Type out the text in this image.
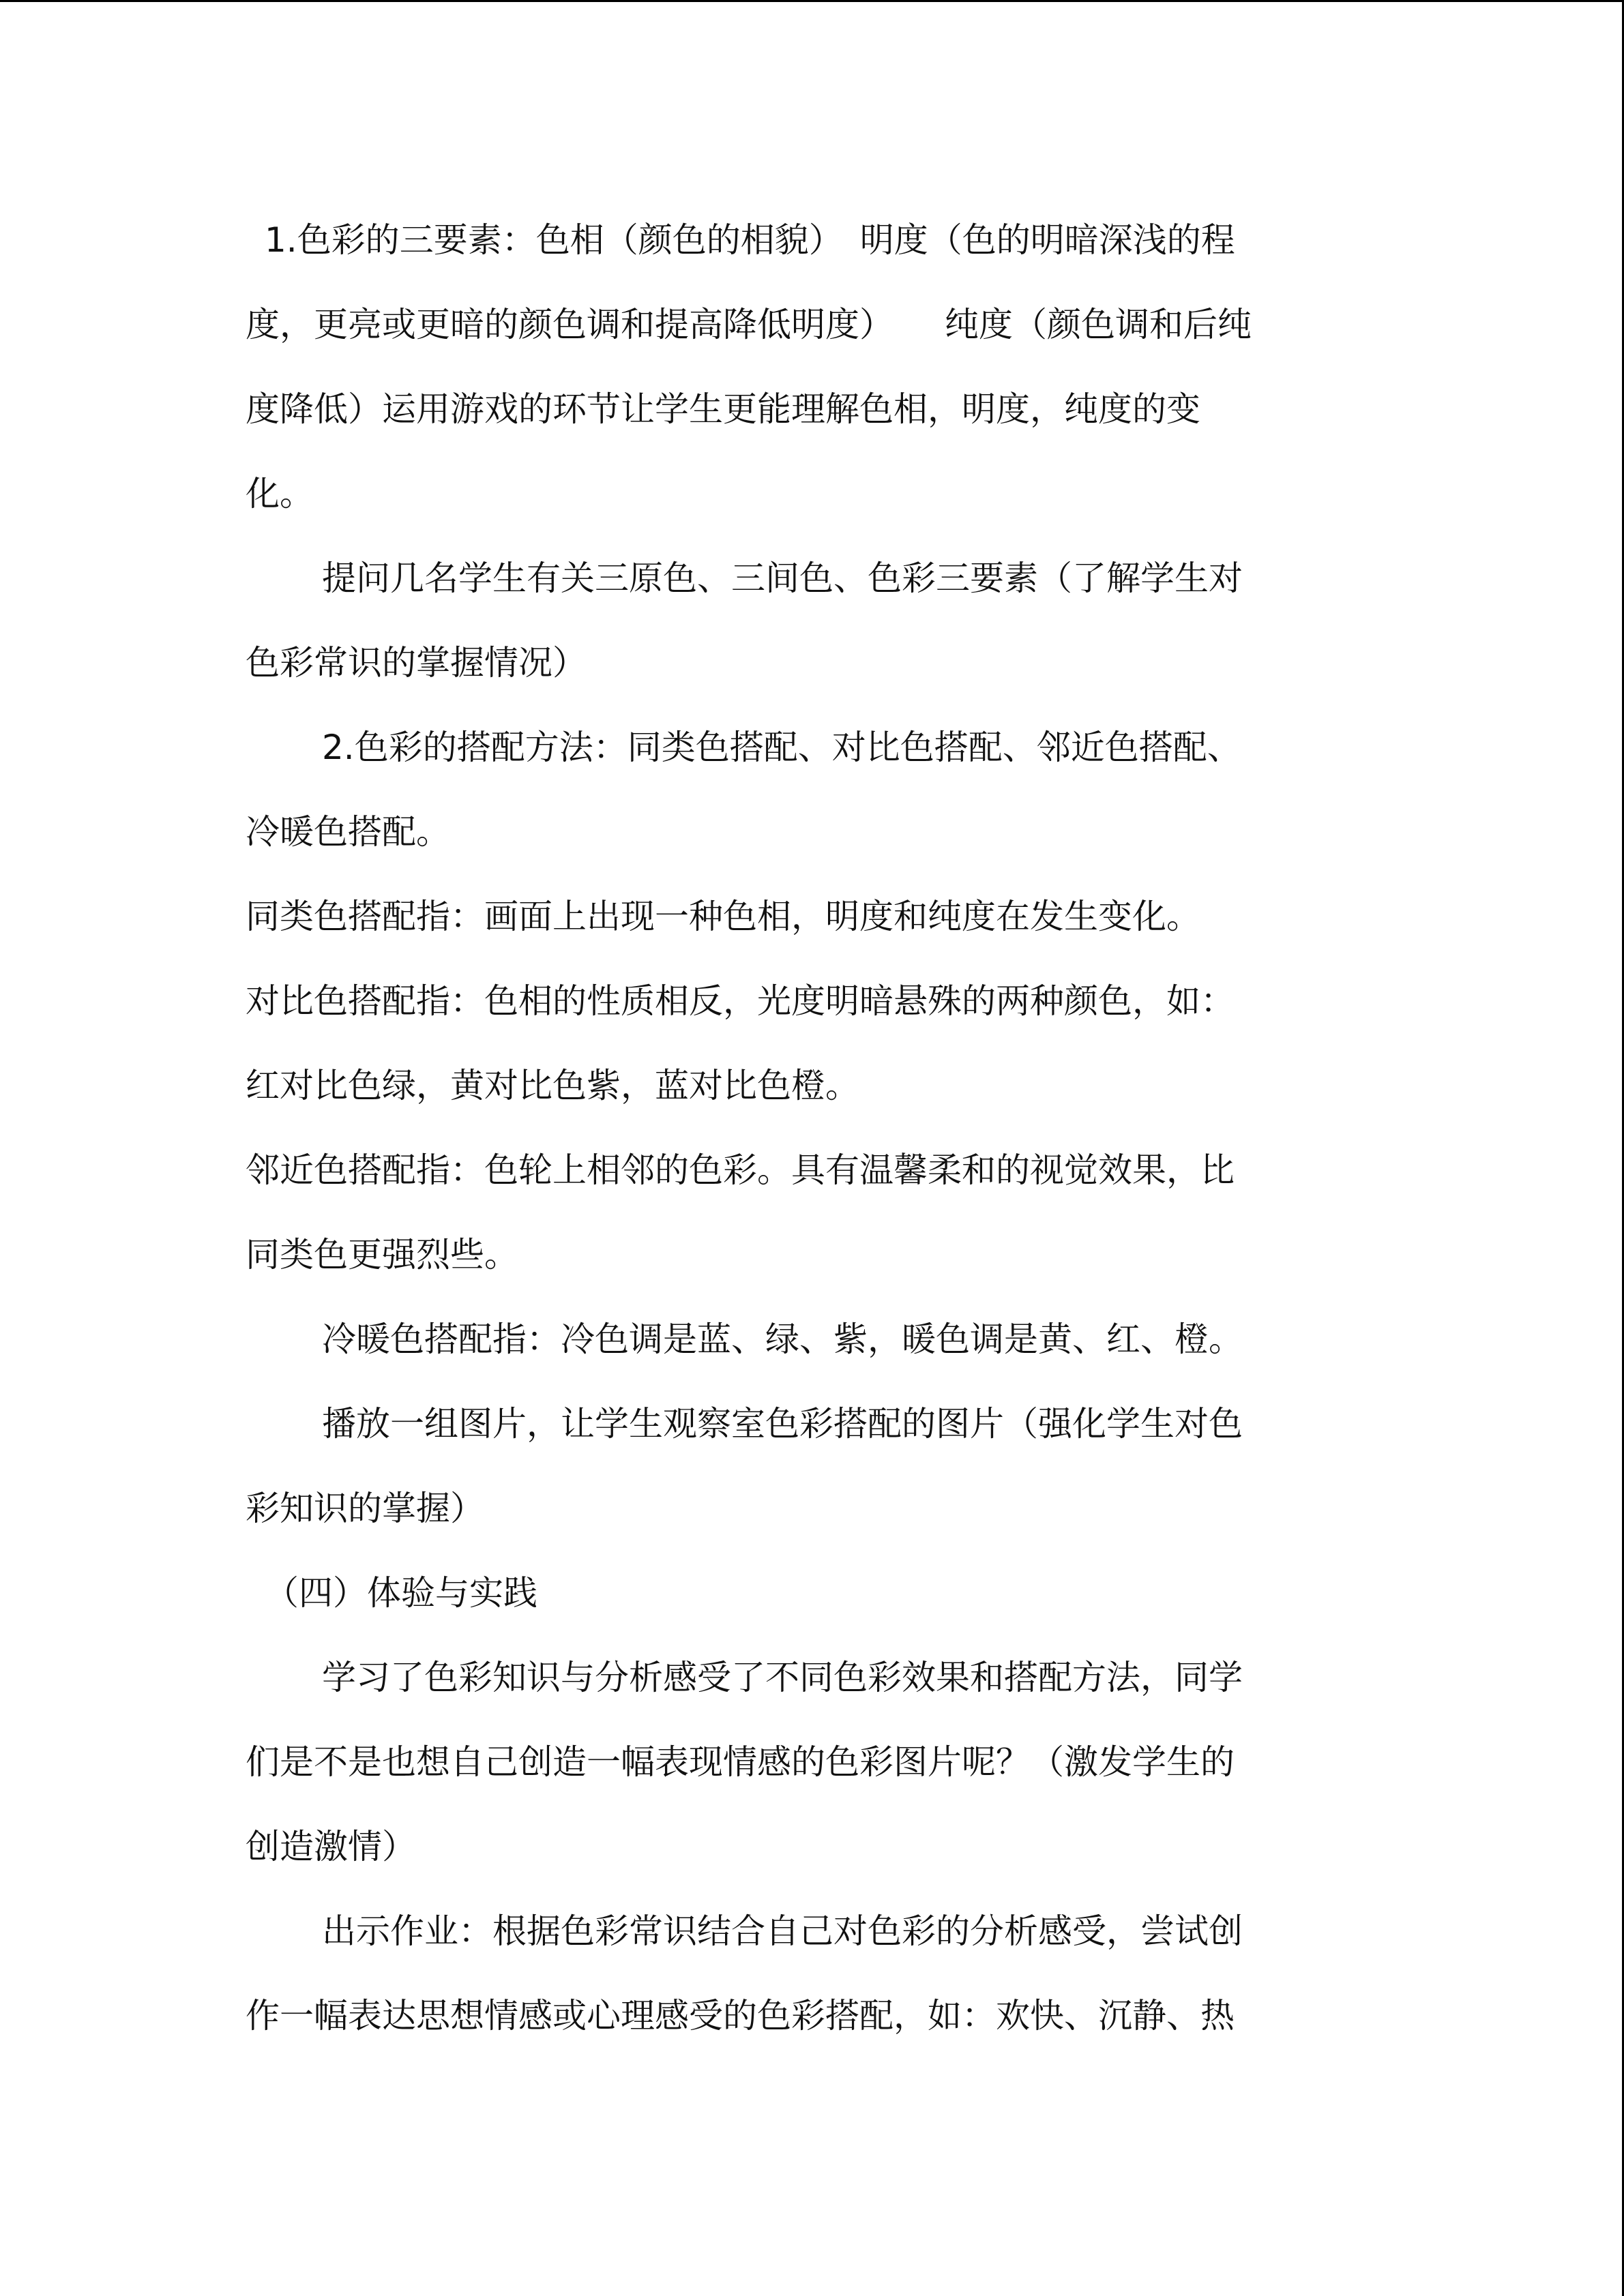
1.色彩的三要素：色相（颜色的相貌）　明度（色的明暗深浅的程
度，更亮或更暗的颜色调和提高降低明度）　　纯度（颜色调和后纯
度降低）运用游戏的环节让学生更能理解色相，明度，纯度的变
化。
提问几名学生有关三原色、三间色、色彩三要素（了解学生对
色彩常识的掌握情况）
2.色彩的搭配方法：同类色搭配、对比色搭配、邻近色搭配、
冷暖色搭配。
同类色搭配指：画面上出现一种色相，明度和纯度在发生变化。
对比色搭配指：色相的性质相反，光度明暗悬殊的两种颜色，如：
红对比色绿，黄对比色紫，蓝对比色橙。
邻近色搭配指：色轮上相邻的色彩。具有温馨柔和的视觉效果，比
同类色更强烈些。
冷暖色搭配指：冷色调是蓝、绿、紫，暖色调是黄、红、橙。
播放一组图片，让学生观察室色彩搭配的图片（强化学生对色
彩知识的掌握）
（四）体验与实践
学习了色彩知识与分析感受了不同色彩效果和搭配方法，同学
们是不是也想自己创造一幅表现情感的色彩图片呢？（激发学生的
创造激情）
出示作业：根据色彩常识结合自己对色彩的分析感受，尝试创
作一幅表达思想情感或心理感受的色彩搭配，如：欢快、沉静、热
